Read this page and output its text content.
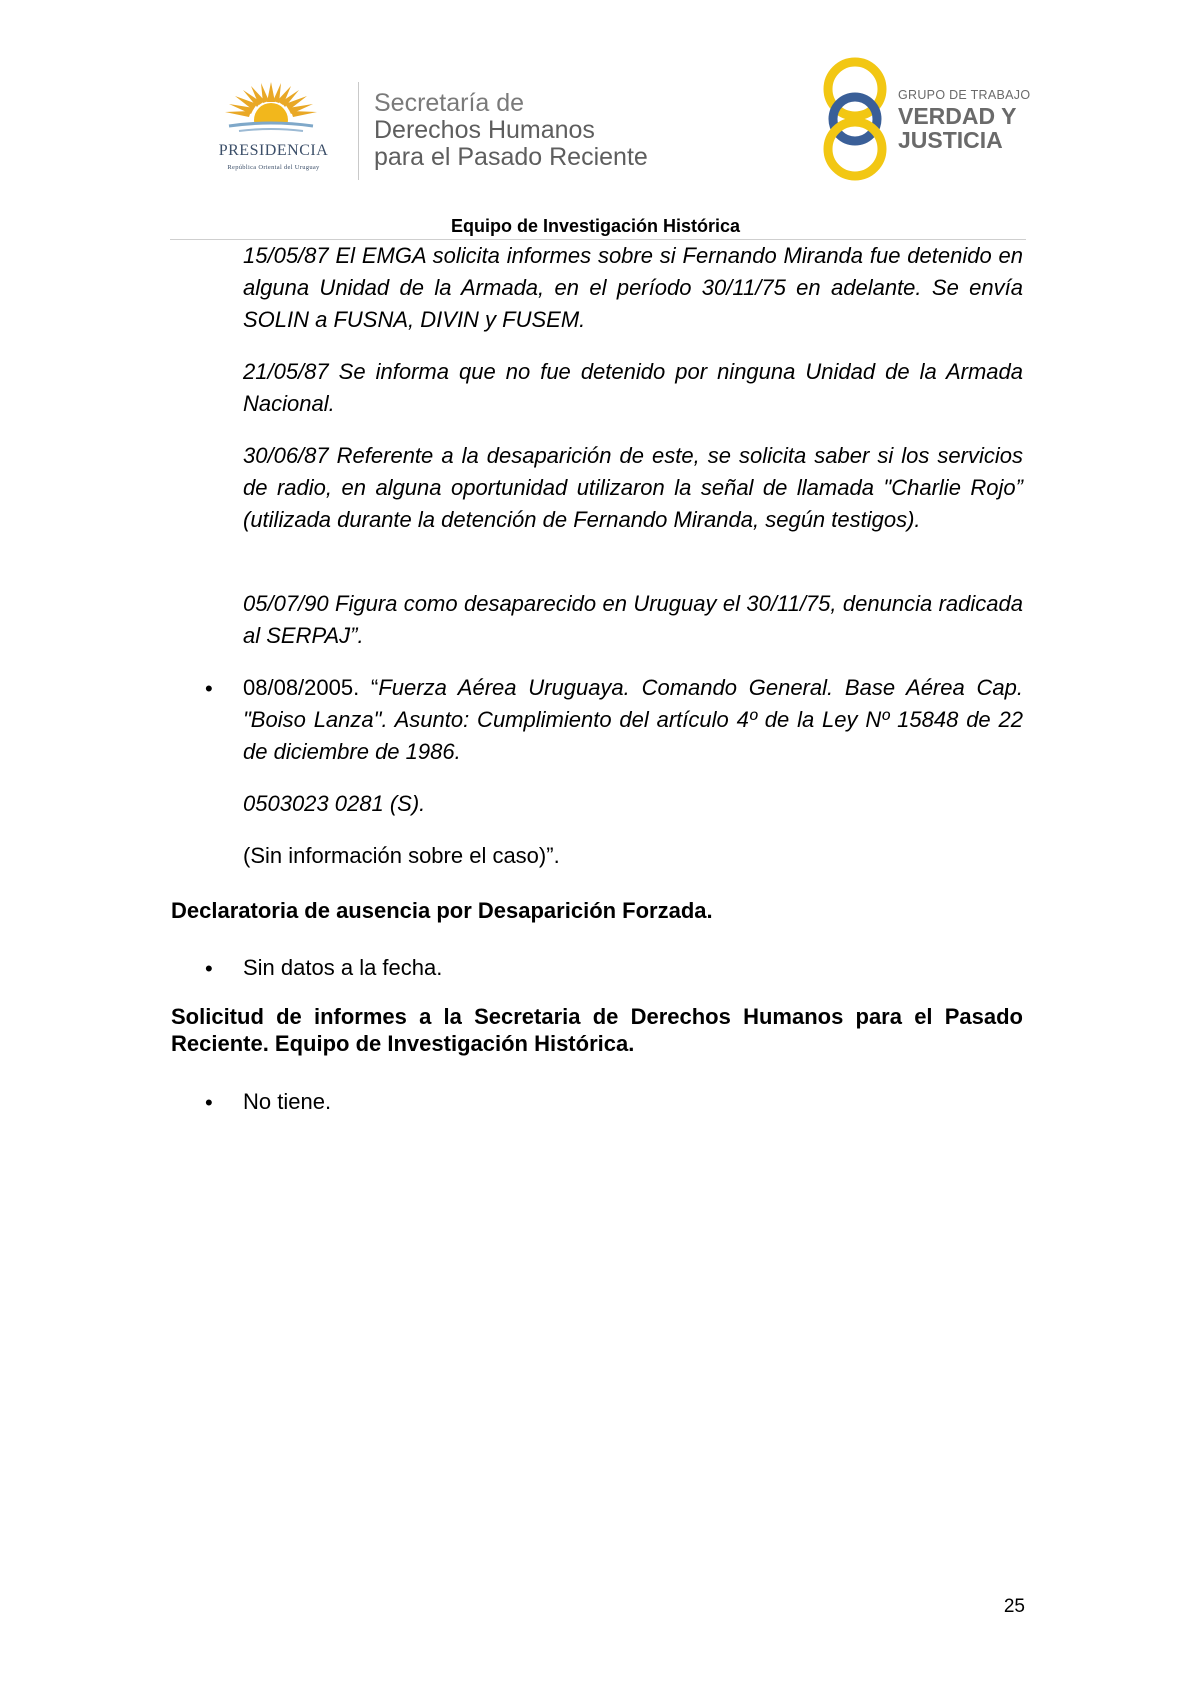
PRESIDENCIA
República Oriental del Uruguay
Secretaría de
Derechos Humanos
para el Pasado Reciente
GRUPO DE TRABAJO
VERDAD Y
JUSTICIA
Equipo de Investigación Histórica
15/05/87 El EMGA solicita informes sobre si Fernando Miranda fue detenido en alguna Unidad de la Armada, en el período 30/11/75 en adelante. Se envía SOLIN a FUSNA, DIVIN y FUSEM.
21/05/87 Se informa que no fue detenido por ninguna Unidad de la Armada Nacional.
30/06/87 Referente a la desaparición de este, se solicita saber si los servicios de radio, en alguna oportunidad utilizaron la señal de llamada "Charlie Rojo” (utilizada durante la detención de Fernando Miranda, según testigos).
05/07/90 Figura como desaparecido en Uruguay el 30/11/75, denuncia radicada al SERPAJ”.
• 08/08/2005. “Fuerza Aérea Uruguaya. Comando General. Base Aérea Cap. "Boiso Lanza". Asunto: Cumplimiento del artículo 4º de la Ley Nº 15848 de 22 de diciembre de 1986.
0503023 0281 (S).
(Sin información sobre el caso)”.
Declaratoria de ausencia por Desaparición Forzada.
• Sin datos a la fecha.
Solicitud de informes a la Secretaria de Derechos Humanos para el Pasado Reciente. Equipo de Investigación Histórica.
• No tiene.
25
